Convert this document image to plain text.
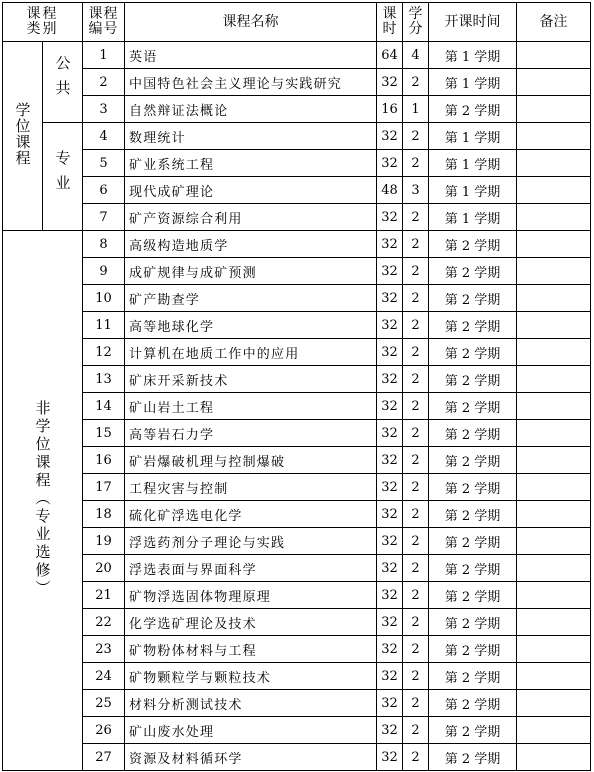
课程类别		课程编号	课程名称	课时	学分	开课时间	备注
学位课程	公共	1	英语	64	4	第 1 学期	
		2	中国特色社会主义理论与实践研究	32	2	第 1 学期	
		3	自然辩证法概论	16	1	第 2 学期	
	专业	4	数理统计	32	2	第 1 学期	
		5	矿业系统工程	32	2	第 1 学期	
		6	现代成矿理论	48	3	第 1 学期	
		7	矿产资源综合利用	32	2	第 1 学期	
非学位课程（专业选修）		8	高级构造地质学	32	2	第 2 学期	
		9	成矿规律与成矿预测	32	2	第 2 学期	
		10	矿产勘查学	32	2	第 2 学期	
		11	高等地球化学	32	2	第 2 学期	
		12	计算机在地质工作中的应用	32	2	第 2 学期	
		13	矿床开采新技术	32	2	第 2 学期	
		14	矿山岩土工程	32	2	第 2 学期	
		15	高等岩石力学	32	2	第 2 学期	
		16	矿岩爆破机理与控制爆破	32	2	第 2 学期	
		17	工程灾害与控制	32	2	第 2 学期	
		18	硫化矿浮选电化学	32	2	第 2 学期	
		19	浮选药剂分子理论与实践	32	2	第 2 学期	
		20	浮选表面与界面科学	32	2	第 2 学期	
		21	矿物浮选固体物理原理	32	2	第 2 学期	
		22	化学选矿理论及技术	32	2	第 2 学期	
		23	矿物粉体材料与工程	32	2	第 2 学期	
		24	矿物颗粒学与颗粒技术	32	2	第 2 学期	
		25	材料分析测试技术	32	2	第 2 学期	
		26	矿山废水处理	32	2	第 2 学期	
		27	资源及材料循环学	32	2	第 2 学期	
